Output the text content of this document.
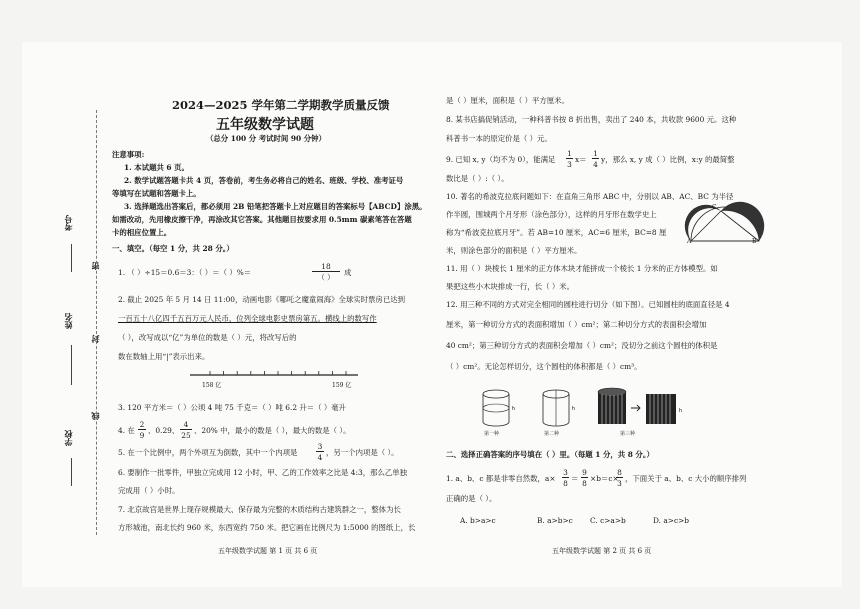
考号
姓名
学校
密
封
线
2024—2025 学年第二学期教学质量反馈
五年级数学试题
（总分 100 分 考试时间 90 分钟）
注意事项:
1. 本试题共 6 页。
2. 数学试题答题卡共 4 页，答卷前，考生务必将自己的姓名、班级、学校、准考证号
等填写在试题和答题卡上。
3. 选择题选出答案后，都必须用 2B 铅笔把答题卡上对应题目的答案标号【ABCD】涂黑。
如需改动，先用橡皮擦干净，再涂改其它答案。其他题目按要求用 0.5mm 碳素笔答在答题
卡的相应位置上。
一、填空。（每空 1 分，共 28 分。）
1. （ ）÷15＝0.6＝3：（ ）＝（ ）%＝
18
（ ）
成
2. 截止 2025 年 5 月 14 日 11:00，动画电影《哪吒之魔童闹海》全球实时票房已达到
一百五十八亿四千五百万元人民币，位列全球电影史票房第五。横线上的数写作
（ ），改写成以“亿”为单位的数是（ ）元，将改写后的
数在数轴上用“|”表示出来。
158 亿	159 亿
3. 120 平方米＝（ ）公顷 4 吨 75 千克＝（ ）吨 6.2 升＝（ ）毫升
4. 在
2
9
、0.29、
4
25
、20% 中，最小的数是（ ），最大的数是（ ）。
5. 在一个比例中，两个外项互为倒数，其中一个内项是
3
4
，另一个内项是（ ）。
6. 要制作一批零件，甲独立完成用 12 小时，甲、乙的工作效率之比是 4:3，那么乙单独
完成用（ ）小时。
7. 北京故宫是世界上现存规模最大、保存最为完整的木质结构古建筑群之一，整体为长
方形城池，南北长约 960 米，东西宽约 750 米。把它画在比例尺为 1:5000 的图纸上，长
五年级数学试题 第 1 页 共 6 页
是（ ）厘米，面积是（ ）平方厘米。
8. 某书店搞促销活动，一种科普书按 8 折出售，卖出了 240 本，共收款 9600 元。这种
科普书一本的原定价是（ ）元。
9. 已知 x, y（均不为 0），能满足
1
3
x＝
1
4
y，那么 x, y 成（ ）比例，x:y 的最简整
数比是（ ）:（ ）。
10. 著名的希波克拉底问题如下：在直角三角形 ABC 中，分别以 AB、AC、BC 为半径
作半圆，围城两个月牙形（涂色部分），这样的月牙形在数学史上
称为“希波克拉底月牙”。若 AB=10 厘米，AC=6 厘米，BC=8 厘
米，则涂色部分的面积是（ ）平方厘米。
A	B
C
11. 用（ ）块棱长 1 厘米的正方体木块才能拼成一个棱长 1 分米的正方体模型。如
果把这些小木块排成一行，长（ ）米。
12. 用三种不同的方式对完全相同的圆柱进行切分（如下图）。已知圆柱的底面直径是 4
厘米，第一种切分方式的表面积增加（ ）cm²；第二种切分方式的表面积会增加
40 cm²；第三种切分方式的表面积会增加（ ）cm²；没切分之前这个圆柱的体积是
（ ）cm²。无论怎样切分，这个圆柱的体积都是（ ）cm³。
h	h	h
第一种	第二种	第三种
二、选择正确答案的序号填在（ ）里。（每题 1 分，共 8 分。）
1. a、b、c 都是非零自然数，a×
3
8
＝
9
8
×b＝c×
8
3
，下面关于 a、b、c 大小的顺序排列
正确的是（ ）。
A. b>a>c	B. a>b>c C. c>a>b	D. a>c>b
五年级数学试题 第 2 页 共 6 页
